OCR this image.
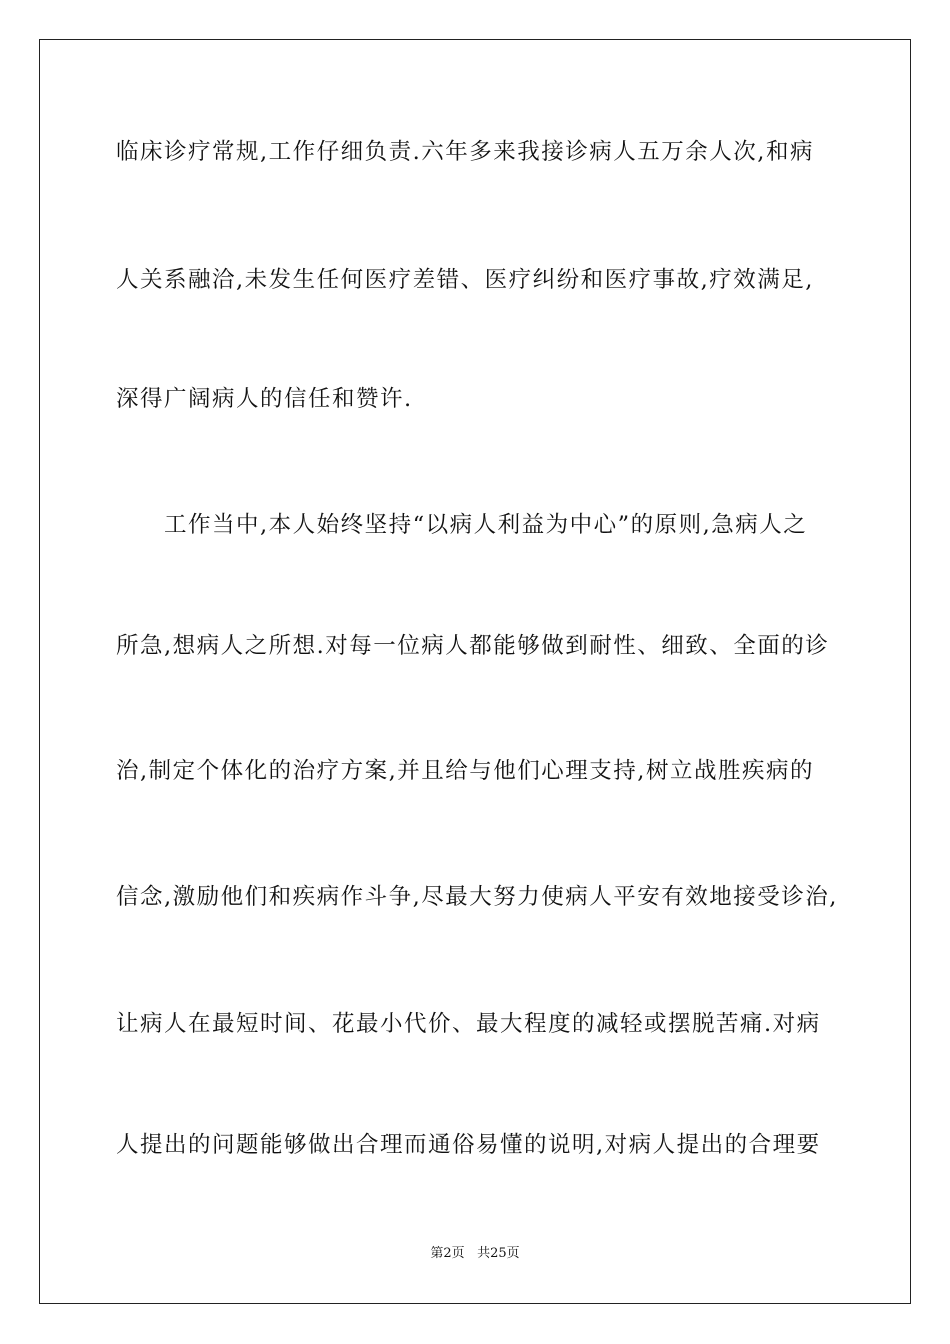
临床诊疗常规,工作仔细负责.六年多来我接诊病人五万余人次,和病
人关系融洽,未发生任何医疗差错、医疗纠纷和医疗事故,疗效满足,
深得广阔病人的信任和赞许.
工作当中,本人始终坚持“以病人利益为中心”的原则,急病人之
所急,想病人之所想.对每一位病人都能够做到耐性、细致、全面的诊
治,制定个体化的治疗方案,并且给与他们心理支持,树立战胜疾病的
信念,激励他们和疾病作斗争,尽最大努力使病人平安有效地接受诊治,
让病人在最短时间、花最小代价、最大程度的减轻或摆脱苦痛.对病
人提出的问题能够做出合理而通俗易懂的说明,对病人提出的合理要
第2页 共25页
